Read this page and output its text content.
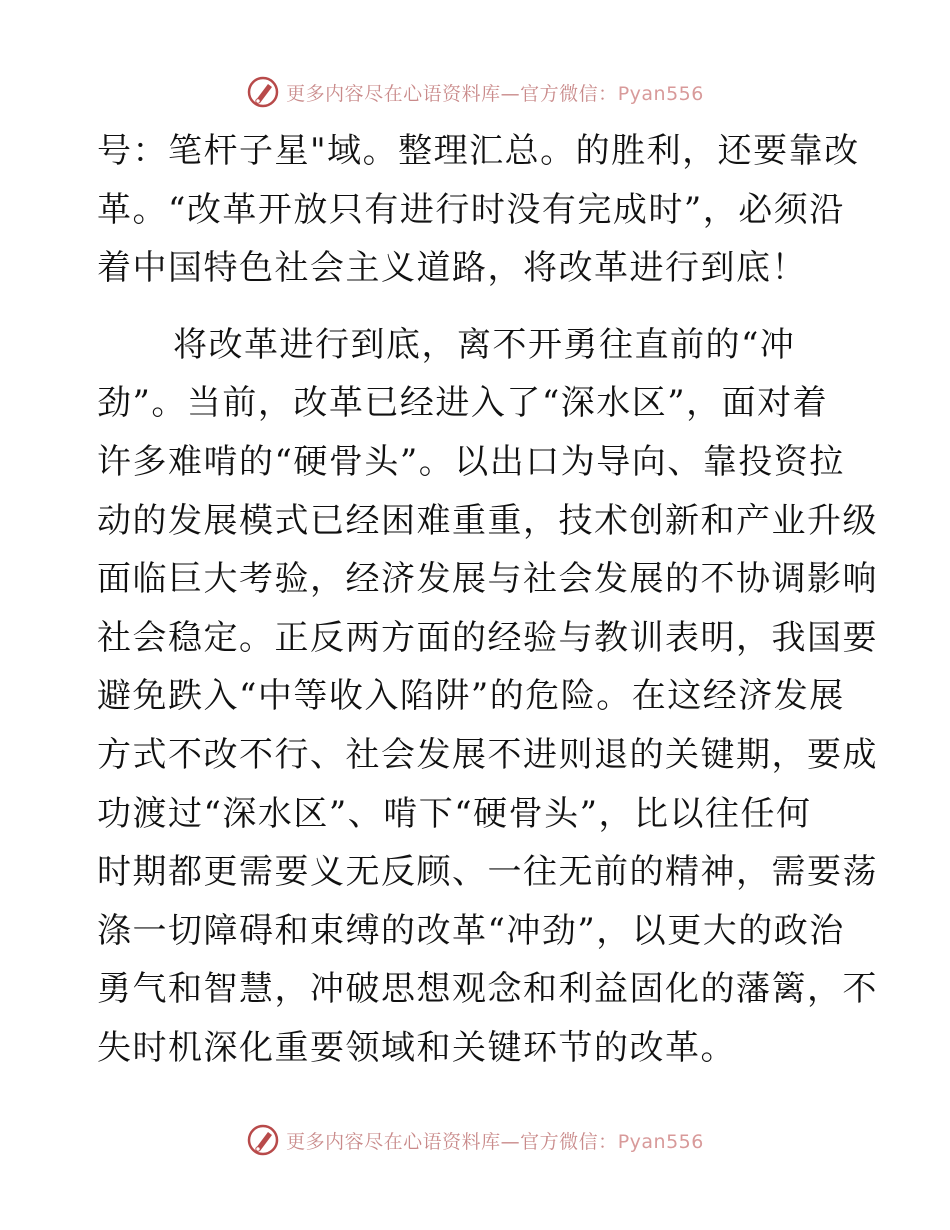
更多内容尽在心语资料库—官方微信：Pyan556

号：笔杆子星"域。整理汇总。的胜利，还要靠改
革。“改革开放只有进行时没有完成时”，必须沿
着中国特色社会主义道路，将改革进行到底！

将改革进行到底，离不开勇往直前的“冲
劲”。当前，改革已经进入了“深水区”，面对着
许多难啃的“硬骨头”。以出口为导向、靠投资拉
动的发展模式已经困难重重，技术创新和产业升级
面临巨大考验，经济发展与社会发展的不协调影响
社会稳定。正反两方面的经验与教训表明，我国要
避免跌入“中等收入陷阱”的危险。在这经济发展
方式不改不行、社会发展不进则退的关键期，要成
功渡过“深水区”、啃下“硬骨头”，比以往任何
时期都更需要义无反顾、一往无前的精神，需要荡
涤一切障碍和束缚的改革“冲劲”，以更大的政治
勇气和智慧，冲破思想观念和利益固化的藩篱，不
失时机深化重要领域和关键环节的改革。

更多内容尽在心语资料库—官方微信：Pyan556
